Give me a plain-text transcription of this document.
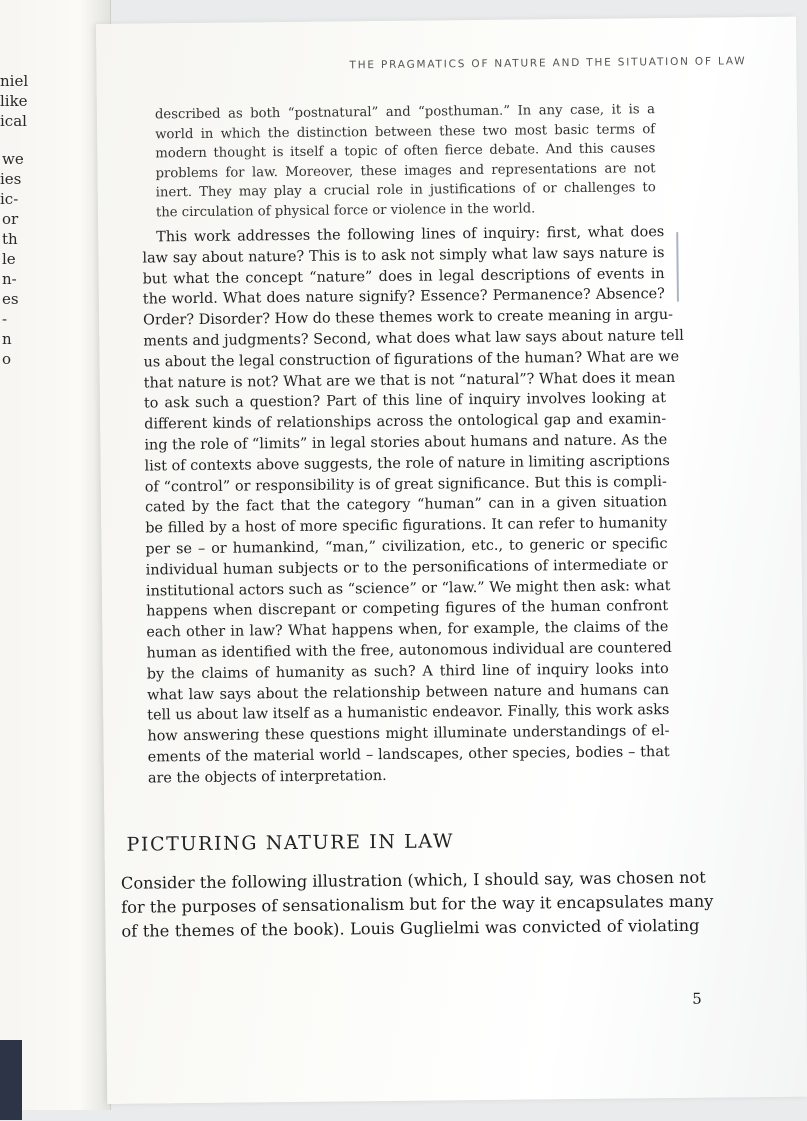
niel
like
ical
we
ies
ic-
or
th
le
n-
es
-
n
o
THE PRAGMATICS OF NATURE AND THE SITUATION OF LAW
described as both “postnatural” and “posthuman.” In any case, it is a
world in which the distinction between these two most basic terms of
modern thought is itself a topic of often fierce debate. And this causes
problems for law. Moreover, these images and representations are not
inert. They may play a crucial role in justifications of or challenges to
the circulation of physical force or violence in the world.
This work addresses the following lines of inquiry: first, what does
law say about nature? This is to ask not simply what law says nature is
but what the concept “nature” does in legal descriptions of events in
the world. What does nature signify? Essence? Permanence? Absence?
Order? Disorder? How do these themes work to create meaning in argu-
ments and judgments? Second, what does what law says about nature tell
us about the legal construction of figurations of the human? What are we
that nature is not? What are we that is not “natural”? What does it mean
to ask such a question? Part of this line of inquiry involves looking at
different kinds of relationships across the ontological gap and examin-
ing the role of “limits” in legal stories about humans and nature. As the
list of contexts above suggests, the role of nature in limiting ascriptions
of “control” or responsibility is of great significance. But this is compli-
cated by the fact that the category “human” can in a given situation
be filled by a host of more specific figurations. It can refer to humanity
per se – or humankind, “man,” civilization, etc., to generic or specific
individual human subjects or to the personifications of intermediate or
institutional actors such as “science” or “law.” We might then ask: what
happens when discrepant or competing figures of the human confront
each other in law? What happens when, for example, the claims of the
human as identified with the free, autonomous individual are countered
by the claims of humanity as such? A third line of inquiry looks into
what law says about the relationship between nature and humans can
tell us about law itself as a humanistic endeavor. Finally, this work asks
how answering these questions might illuminate understandings of el-
ements of the material world – landscapes, other species, bodies – that
are the objects of interpretation.
PICTURING NATURE IN LAW
Consider the following illustration (which, I should say, was chosen not
for the purposes of sensationalism but for the way it encapsulates many
of the themes of the book). Louis Guglielmi was convicted of violating
5
